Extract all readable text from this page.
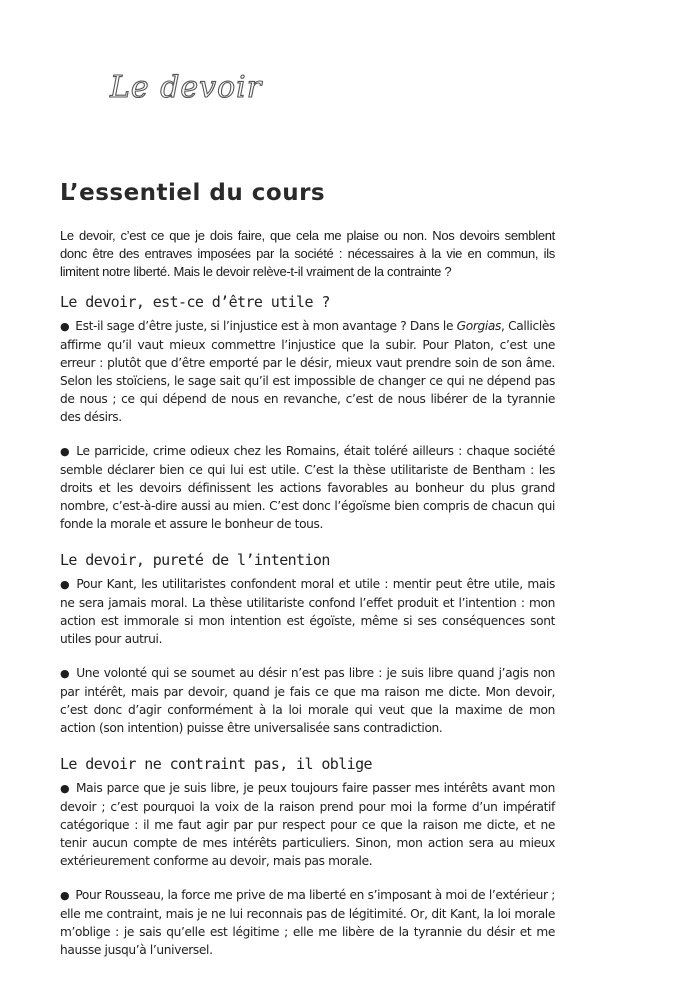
Le devoir
L’essentiel du cours

Le devoir, c’est ce que je dois faire, que cela me plaise ou non. Nos devoirs semblent donc être des entraves imposées par la société : nécessaires à la vie en commun, ils limitent notre liberté. Mais le devoir relève-t-il vraiment de la contrainte ?

Le devoir, est-ce d’être utile ?

● Est-il sage d’être juste, si l’injustice est à mon avantage ? Dans le Gorgias, Calliclès affirme qu’il vaut mieux commettre l’injustice que la subir. Pour Platon, c’est une erreur : plutôt que d’être emporté par le désir, mieux vaut prendre soin de son âme. Selon les stoïciens, le sage sait qu’il est impossible de changer ce qui ne dépend pas de nous ; ce qui dépend de nous en revanche, c’est de nous libérer de la tyrannie des désirs.

● Le parricide, crime odieux chez les Romains, était toléré ailleurs : chaque société semble déclarer bien ce qui lui est utile. C’est la thèse utilitariste de Bentham : les droits et les devoirs définissent les actions favorables au bonheur du plus grand nombre, c’est-à-dire aussi au mien. C’est donc l’égoïsme bien compris de chacun qui fonde la morale et assure le bonheur de tous.

Le devoir, pureté de l’intention

● Pour Kant, les utilitaristes confondent moral et utile : mentir peut être utile, mais ne sera jamais moral. La thèse utilitariste confond l’effet produit et l’intention : mon action est immorale si mon intention est égoïste, même si ses conséquences sont utiles pour autrui.

● Une volonté qui se soumet au désir n’est pas libre : je suis libre quand j’agis non par intérêt, mais par devoir, quand je fais ce que ma raison me dicte. Mon devoir, c’est donc d’agir conformément à la loi morale qui veut que la maxime de mon action (son intention) puisse être universalisée sans contradiction.

Le devoir ne contraint pas, il oblige

● Mais parce que je suis libre, je peux toujours faire passer mes intérêts avant mon devoir ; c’est pourquoi la voix de la raison prend pour moi la forme d’un impératif catégorique : il me faut agir par pur respect pour ce que la raison me dicte, et ne tenir aucun compte de mes intérêts particuliers. Sinon, mon action sera au mieux extérieurement conforme au devoir, mais pas morale.

● Pour Rousseau, la force me prive de ma liberté en s’imposant à moi de l’extérieur ; elle me contraint, mais je ne lui reconnais pas de légitimité. Or, dit Kant, la loi morale m’oblige : je sais qu’elle est légitime ; elle me libère de la tyrannie du désir et me hausse jusqu’à l’universel.
